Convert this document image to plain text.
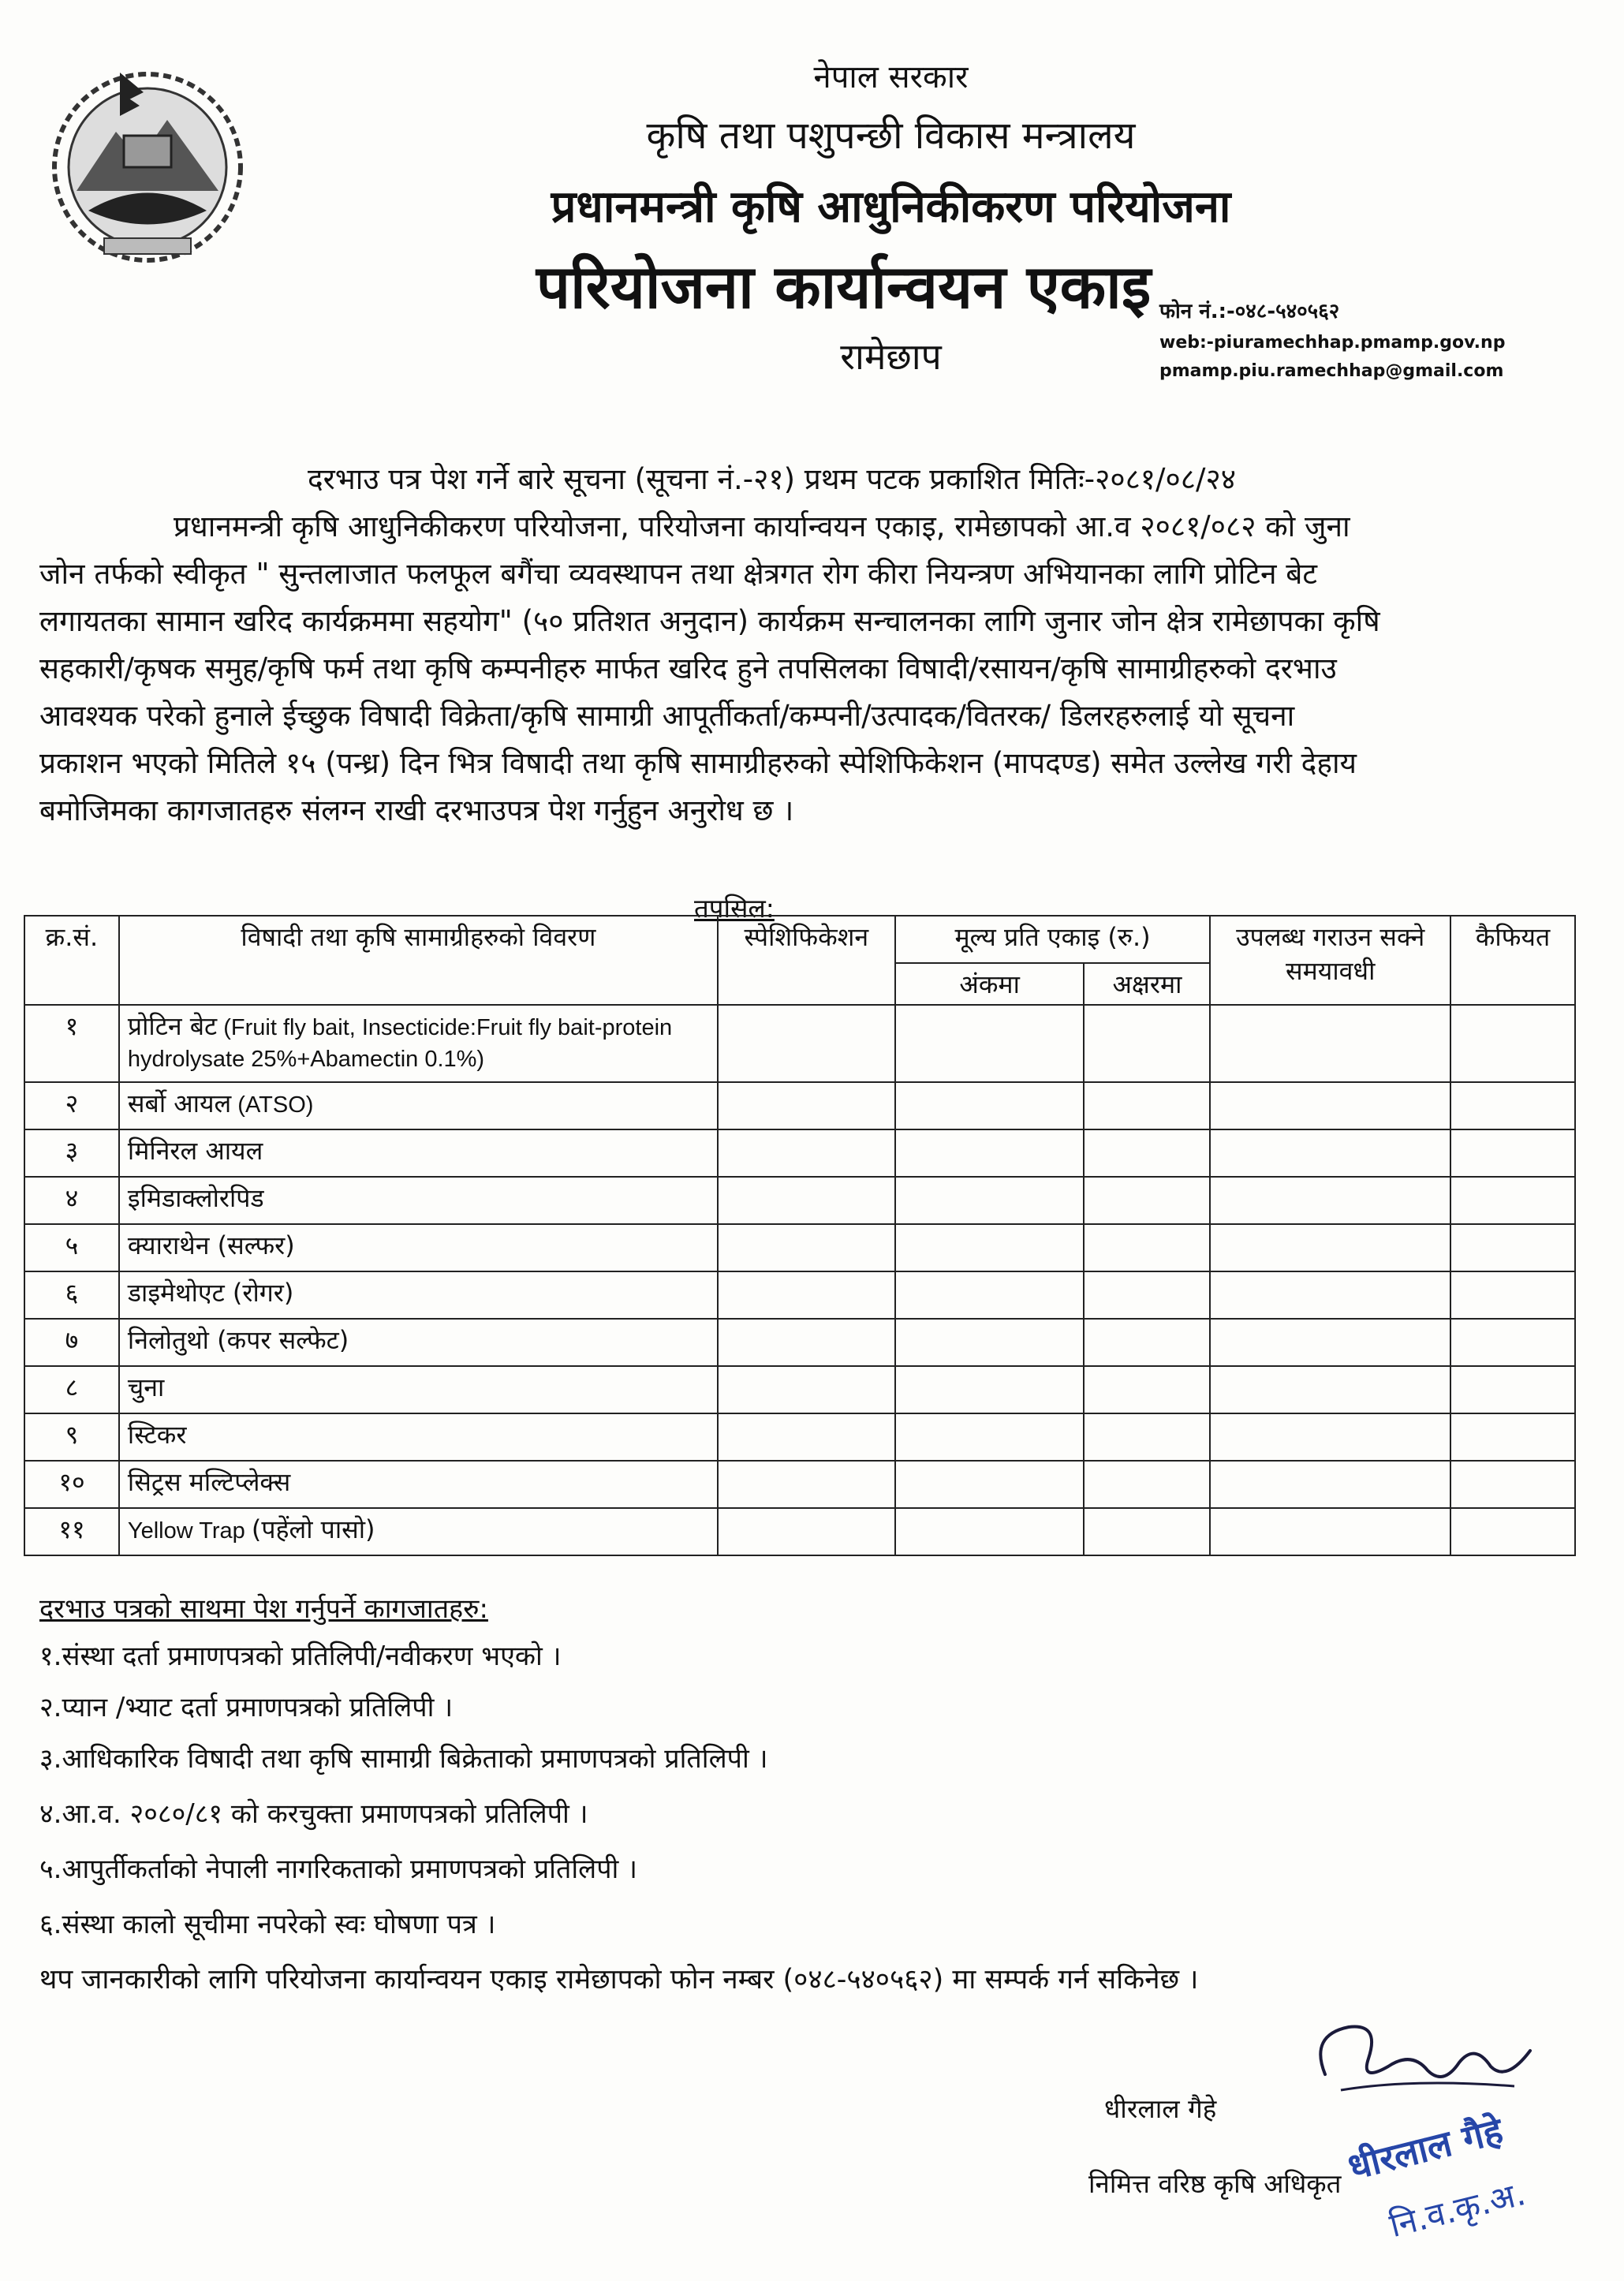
नेपाल सरकार
कृषि तथा पशुपन्छी विकास मन्त्रालय
प्रधानमन्त्री कृषि आधुनिकीकरण परियोजना
परियोजना कार्यान्वयन एकाइ
रामेछाप
फोन नं.:-०४८-५४०५६२
web:-piuramechhap.pmamp.gov.np
pmamp.piu.ramechhap@gmail.com
दरभाउ पत्र पेश गर्ने बारे सूचना (सूचना नं.-२१) प्रथम पटक प्रकाशित मितिः-२०८१/०८/२४
प्रधानमन्त्री कृषि आधुनिकीकरण परियोजना, परियोजना कार्यान्वयन एकाइ, रामेछापको आ.व २०८१/०८२ को जुना
जोन तर्फको स्वीकृत " सुन्तलाजात फलफूल बगैंचा व्यवस्थापन तथा क्षेत्रगत रोग कीरा नियन्त्रण अभियानका लागि प्रोटिन बेट
लगायतका सामान खरिद कार्यक्रममा सहयोग" (५० प्रतिशत अनुदान) कार्यक्रम सन्चालनका लागि जुनार जोन क्षेत्र रामेछापका कृषि
सहकारी/कृषक समुह/कृषि फर्म तथा कृषि कम्पनीहरु मार्फत खरिद हुने तपसिलका विषादी/रसायन/कृषि सामाग्रीहरुको दरभाउ
आवश्यक परेको हुनाले ईच्छुक विषादी विक्रेता/कृषि सामाग्री आपूर्तीकर्ता/कम्पनी/उत्पादक/वितरक/ डिलरहरुलाई यो सूचना
प्रकाशन भएको मितिले १५ (पन्ध्र) दिन भित्र विषादी तथा कृषि सामाग्रीहरुको स्पेशिफिकेशन (मापदण्ड) समेत उल्लेख गरी देहाय
बमोजिमका कागजातहरु संलग्न राखी दरभाउपत्र पेश गर्नुहुन अनुरोध छ ।
तपसिल:
क्र.सं.	विषादी तथा कृषि सामाग्रीहरुको विवरण	स्पेशिफिकेशन	मूल्य प्रति एकाइ (रु.)		उपलब्ध गराउन सक्ने समयावधी	कैफियत
			अंकमा	अक्षरमा		
१	प्रोटिन बेट (Fruit fly bait, Insecticide:Fruit fly bait-protein hydrolysate 25%+Abamectin 0.1%)					
२	सर्बो आयल (ATSO)					
३	मिनिरल आयल					
४	इमिडाक्लोरपिड					
५	क्याराथेन (सल्फर)					
६	डाइमेथोएट (रोगर)					
७	निलोतुथो (कपर सल्फेट)					
८	चुना					
९	स्टिकर					
१०	सिट्रस मल्टिप्लेक्स					
११	Yellow Trap (पहेंलो पासो)					
दरभाउ पत्रको साथमा पेश गर्नुपर्ने कागजातहरु:
१.संस्था दर्ता प्रमाणपत्रको प्रतिलिपी/नवीकरण भएको ।
२.प्यान /भ्याट दर्ता प्रमाणपत्रको प्रतिलिपी ।
३.आधिकारिक विषादी तथा कृषि सामाग्री बिक्रेताको प्रमाणपत्रको प्रतिलिपी ।
४.आ.व. २०८०/८१ को करचुक्ता प्रमाणपत्रको प्रतिलिपी ।
५.आपुर्तीकर्ताको नेपाली नागरिकताको प्रमाणपत्रको प्रतिलिपी ।
६.संस्था कालो सूचीमा नपरेको स्वः घोषणा पत्र ।
थप जानकारीको लागि परियोजना कार्यान्वयन एकाइ रामेछापको फोन नम्बर (०४८-५४०५६२) मा सम्पर्क गर्न सकिनेछ ।
धीरलाल गैहे
निमित्त वरिष्ठ कृषि अधिकृत धीरलाल गैहे
नि.व.कृ.अ.
